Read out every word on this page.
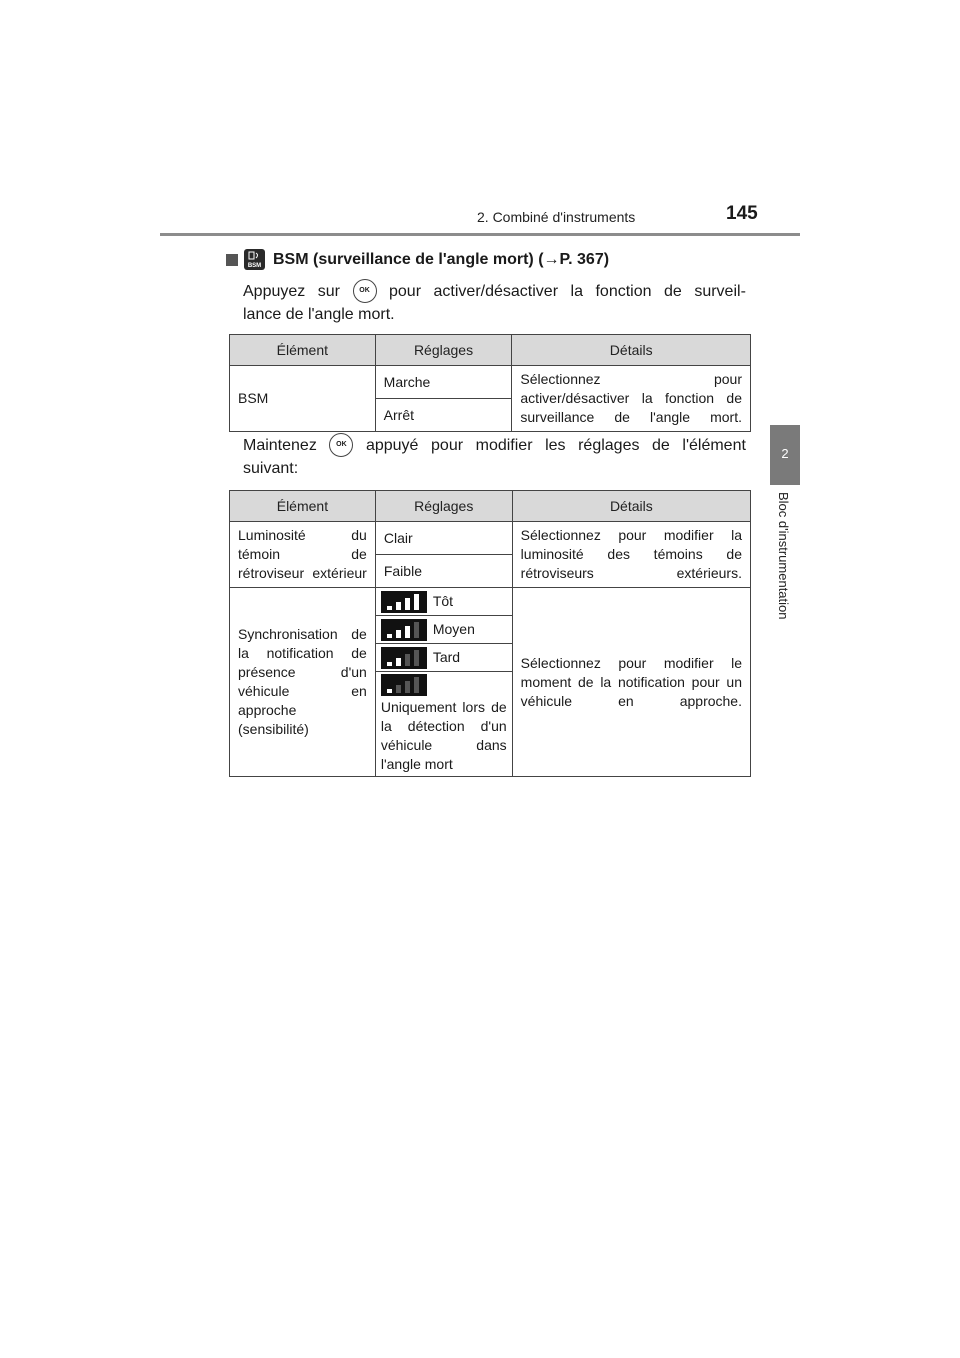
2. Combiné d'instruments	145
2
Bloc d'instrumentation
BSM BSM (surveillance de l'angle mort) (→P. 367)
Appuyez sur	OK	pour activer/désactiver la fonction de surveil-
lance de l'angle mort.
Élément	Réglages	Détails
BSM	Marche	Sélectionnez pour activer/désactiver la fonction de surveillance de l'angle mort.
	Arrêt	
Maintenez	OK	appuyé pour modifier les réglages de l'élément
suivant:
Élément	Réglages	Détails
Luminosité du témoin de rétroviseur extérieur	Clair	Sélectionnez pour modifier la luminosité des témoins de rétroviseurs extérieurs.
	Faible	
Synchronisation de la notification de présence d'un véhicule en approche (sensibilité)	Tôt	Sélectionnez pour modifier le moment de la notification pour un véhicule en approche.

	Moyen	

	Tard	

	Uniquement lors de la détection d'un véhicule dans l'angle mort	
